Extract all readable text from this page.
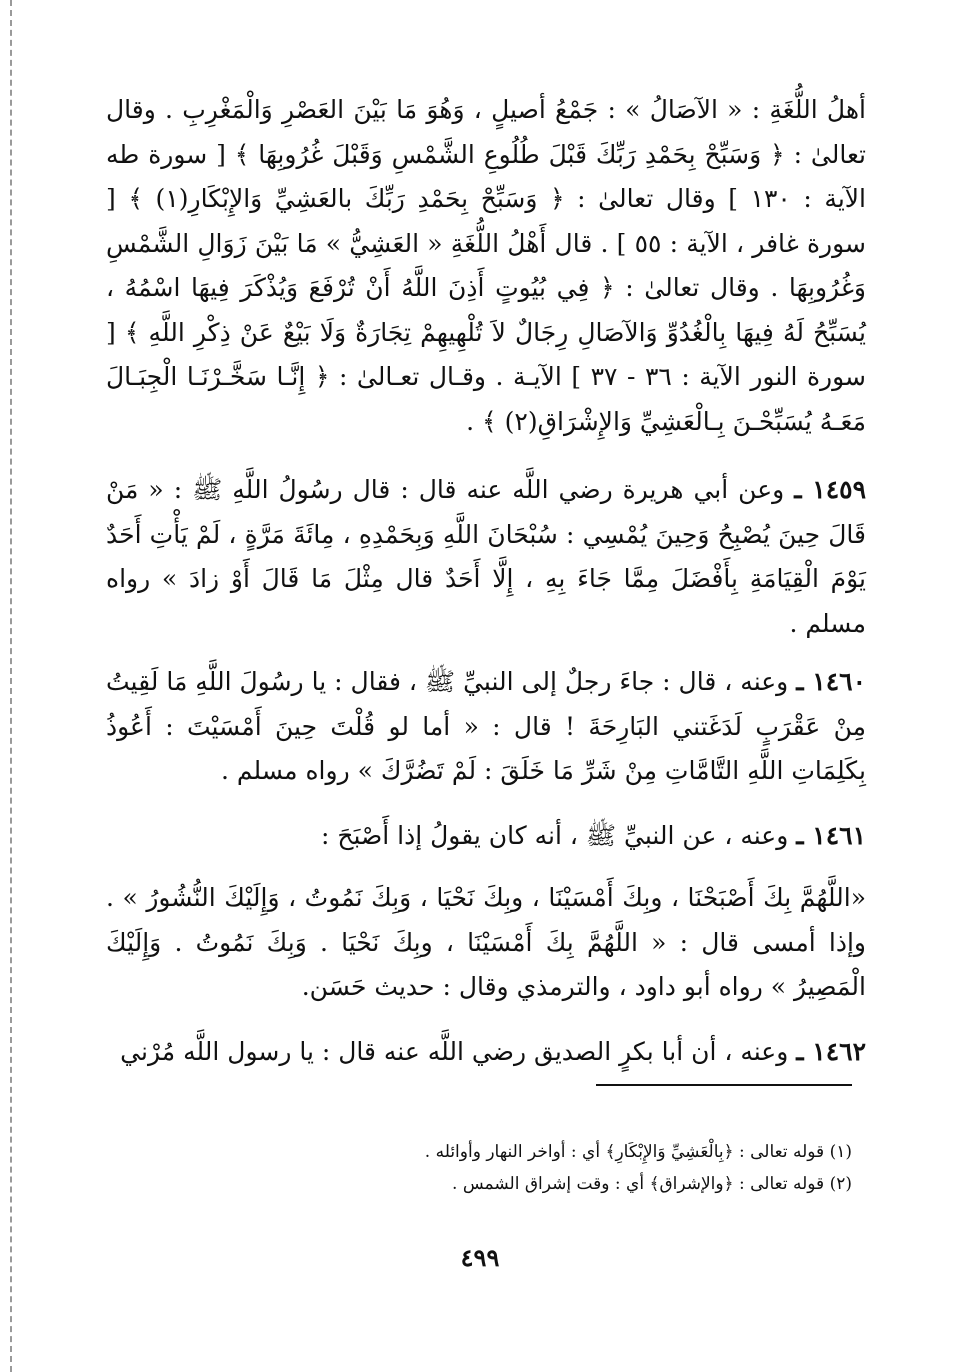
أهلُ اللُّغَةِ : « الآصَالُ » : جَمْعُ أصيلٍ ، وَهُوَ مَا بَيْنَ العَصْرِ وَالْمَغْرِبِ . وقال تعالىٰ : ﴿ وَسَبِّحْ بِحَمْدِ رَبِّكَ قَبْلَ طُلُوعِ الشَّمْسِ وَقَبْلَ غُرُوبِهَا ﴾ [ سورة طه الآية : ١٣٠ ] وقال تعالىٰ : ﴿ وَسَبِّحْ بِحَمْدِ رَبِّكَ بالعَشِيِّ وَالإِبْكَارِ(١) ﴾ [ سورة غافر ، الآية : ٥٥ ] . قال أَهْلُ اللُّغَةِ « العَشِيُّ » مَا بَيْنَ زَوَالِ الشَّمْسِ وَغُرُوبِهَا . وقال تعالىٰ : ﴿ فِي بُيُوتٍ أَذِنَ اللَّهُ أَنْ تُرْفَعَ وَيُذْكَرَ فِيهَا اسْمُهُ ، يُسَبِّحُ لَهُ فِيهَا بِالْغُدُوِّ وَالآصَالِ رِجَالٌ لاَ تُلْهِيهِمْ تِجَارَةٌ وَلَا بَيْعٌ عَنْ ذِكْرِ اللَّهِ ﴾ [ سورة النور الآية : ٣٦ - ٣٧ ] الآيـة . وقـال تعـالىٰ : ﴿ إِنَّـا سَخَّـرْنَـا الْجِبَـالَ مَعَـهُ يُسَبِّحْـنَ بِـالْعَشِيِّ وَالإِشْرَاقِ(٢) ﴾ .

١٤٥٩ ـ وعن أبي هريرة رضي اللَّه عنه قال : قال رسُولُ اللَّهِ ﷺ : « مَنْ قَالَ حِينَ يُصْبِحُ وَحِينَ يُمْسِي : سُبْحَانَ اللَّهِ وَبِحَمْدِهِ ، مِائَةَ مَرَّةٍ ، لَمْ يَأْتِ أَحَدٌ يَوْمَ الْقِيَامَةِ بِأَفْضَلَ مِمَّا جَاءَ بِهِ ، إِلَّا أَحَدٌ قال مِثْلَ مَا قَالَ أَوْ زادَ » رواه مسلم .

١٤٦٠ ـ وعنه ، قال : جاءَ رجلٌ إلى النبيِّ ﷺ ، فقال : يا رسُولَ اللَّهِ مَا لَقِيتُ مِنْ عَقْرَبٍ لَدَغَتني البَارِحَةَ ! قال : « أما لو قُلْتَ حِينَ أَمْسَيْتَ : أَعُوذُ بِكَلِمَاتِ اللَّهِ التَّامَّاتِ مِنْ شَرِّ مَا خَلَقَ : لَمْ تَضُرَّكَ » رواه مسلم .

١٤٦١ ـ وعنه ، عن النبيِّ ﷺ ، أنه كان يقولُ إذا أَصْبَحَ :

«اللَّهُمَّ بِكَ أَصْبَحْنَا ، وبِكَ أَمْسَيْنَا ، وبِكَ نَحْيَا ، وَبِكَ نَمُوتُ ، وَإِلَيْكَ النُّشُورُ » . وإذا أمسى قال : « اللَّهُمَّ بِكَ أَمْسَيْنَا ، وبِكَ نَحْيَا . وَبِكَ نَمُوتُ . وَإِلَيْكَ الْمَصِيرُ » رواه أبو داود ، والترمذي وقال : حديث حَسَن.

١٤٦٢ ـ وعنه ، أن أبا بكرٍ الصديق رضي اللَّه عنه قال : يا رسول اللَّه مُرْني

(١) قوله تعالى : ﴿بِالْعَشِيِّ وَالإِبْكَارِ﴾ أي : أواخر النهار وأوائله .

(٢) قوله تعالى : ﴿والإشراق﴾ أي : وقت إشراق الشمس .

٤٩٩
